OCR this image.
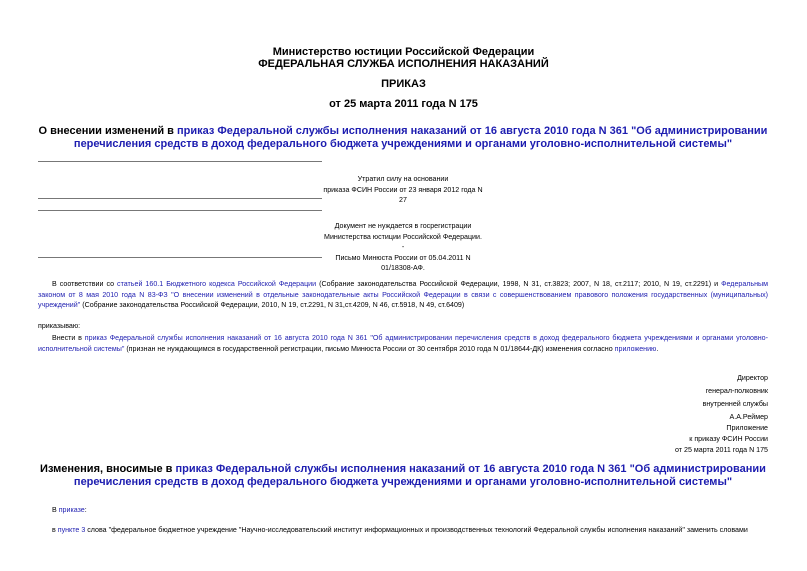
Министерство юстиции Российской Федерации
ФЕДЕРАЛЬНАЯ СЛУЖБА ИСПОЛНЕНИЯ НАКАЗАНИЙ
ПРИКАЗ
от 25 марта 2011 года N 175
О внесении изменений в приказ Федеральной службы исполнения наказаний от 16 августа 2010 года N 361 "Об администрировании перечисления средств в доход федерального бюджета учреждениями и органами уголовно-исполнительной системы"
Утратил силу на основании
приказа ФСИН России от 23 января 2012 года N 27
Документ не нуждается в госрегистрации
Министерства юстиции Российской Федерации. -
Письмо Минюста России от 05.04.2011 N 01/18308-АФ.
В соответствии со статьей 160.1 Бюджетного кодекса Российской Федерации (Собрание законодательства Российской Федерации, 1998, N 31, ст.3823; 2007, N 18, ст.2117; 2010, N 19, ст.2291) и Федеральным законом от 8 мая 2010 года N 83-ФЗ "О внесении изменений в отдельные законодательные акты Российской Федерации в связи с совершенствованием правового положения государственных (муниципальных) учреждений" (Собрание законодательства Российской Федерации, 2010, N 19, ст.2291, N 31,ст.4209, N 46, ст.5918, N 49, ст.6409)
приказываю:
Внести в приказ Федеральной службы исполнения наказаний от 16 августа 2010 года N 361 "Об администрировании перечисления средств в доход федерального бюджета учреждениями и органами уголовно-исполнительной системы" (признан не нуждающимся в государственной регистрации, письмо Минюста России от 30 сентября 2010 года N 01/18644-ДК) изменения согласно приложению.
Директор
генерал-полковник
внутренней службы
А.А.Реймер
Приложение
к приказу ФСИН России
от 25 марта 2011 года N 175
Изменения, вносимые в приказ Федеральной службы исполнения наказаний от 16 августа 2010 года N 361 "Об администрировании перечисления средств в доход федерального бюджета учреждениями и органами уголовно-исполнительной системы"
В приказе:
в пункте 3 слова "федеральное бюджетное учреждение "Научно-исследовательский институт информационных и производственных технологий Федеральной службы исполнения наказаний" заменить словами
